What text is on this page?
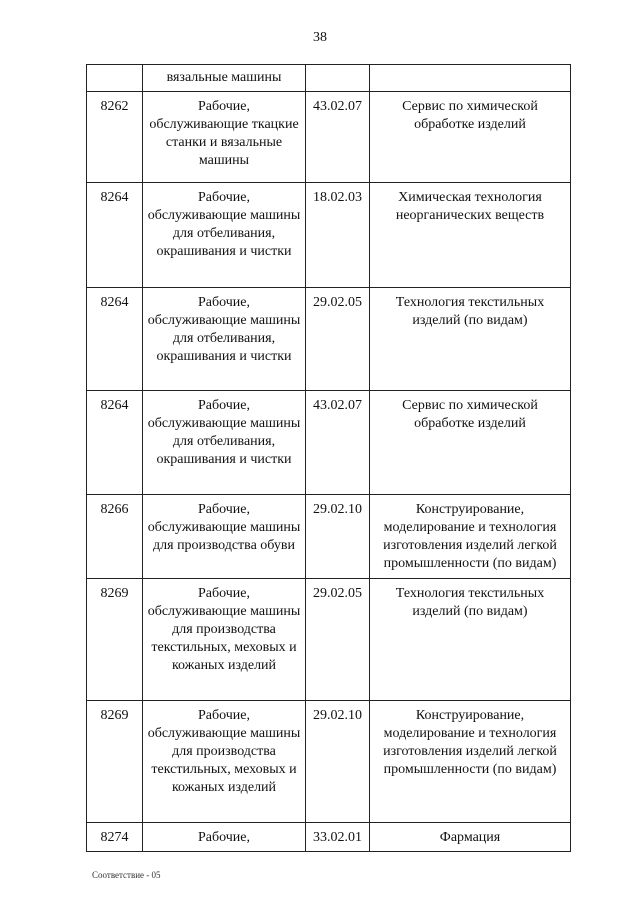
38
	вязальные машины		
8262	Рабочие, обслуживающие ткацкие станки и вязальные машины	43.02.07	Сервис по химической обработке изделий
8264	Рабочие, обслуживающие машины для отбеливания, окрашивания и чистки	18.02.03	Химическая технология неорганических веществ
8264	Рабочие, обслуживающие машины для отбеливания, окрашивания и чистки	29.02.05	Технология текстильных изделий (по видам)
8264	Рабочие, обслуживающие машины для отбеливания, окрашивания и чистки	43.02.07	Сервис по химической обработке изделий
8266	Рабочие, обслуживающие машины для производства обуви	29.02.10	Конструирование, моделирование и технология изготовления изделий легкой промышленности (по видам)
8269	Рабочие, обслуживающие машины для производства текстильных, меховых и кожаных изделий	29.02.05	Технология текстильных изделий (по видам)
8269	Рабочие, обслуживающие машины для производства текстильных, меховых и кожаных изделий	29.02.10	Конструирование, моделирование и технология изготовления изделий легкой промышленности (по видам)
8274	Рабочие,	33.02.01	Фармация
Соответствие - 05
